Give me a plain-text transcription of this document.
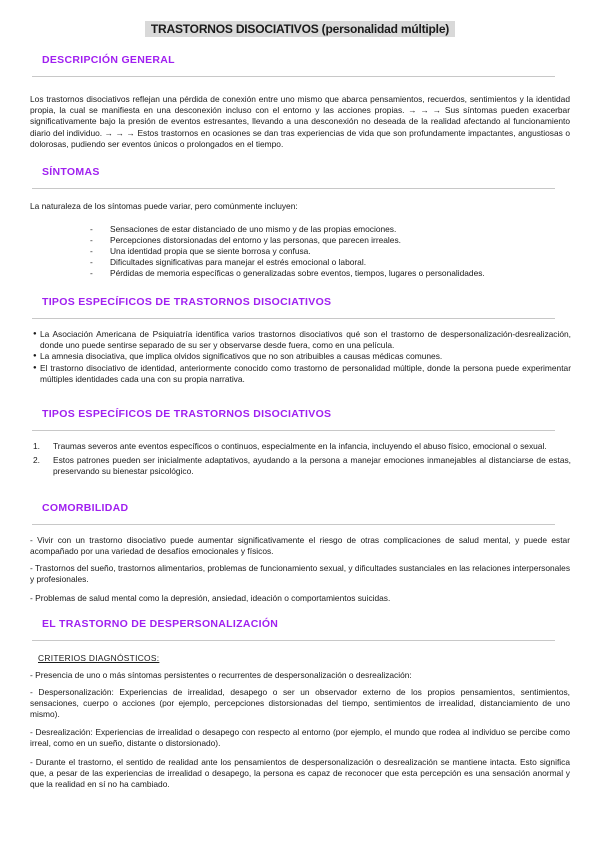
TRASTORNOS DISOCIATIVOS (personalidad múltiple)
DESCRIPCIÓN GENERAL
Los trastornos disociativos reflejan una pérdida de conexión entre uno mismo que abarca pensamientos, recuerdos, sentimientos y la identidad propia, la cual se manifiesta en una desconexión incluso con el entorno y las acciones propias. → → → Sus síntomas pueden exacerbar significativamente bajo la presión de eventos estresantes, llevando a una desconexión no deseada de la realidad afectando al funcionamiento diario del individuo. → → → Estos trastornos en ocasiones se dan tras experiencias de vida que son profundamente impactantes, angustiosas o dolorosas, pudiendo ser eventos únicos o prolongados en el tiempo.
SÍNTOMAS
La naturaleza de los síntomas puede variar, pero comúnmente incluyen:
- Sensaciones de estar distanciado de uno mismo y de las propias emociones.
- Percepciones distorsionadas del entorno y las personas, que parecen irreales.
- Una identidad propia que se siente borrosa y confusa.
- Dificultades significativas para manejar el estrés emocional o laboral.
- Pérdidas de memoria específicas o generalizadas sobre eventos, tiempos, lugares o personalidades.
TIPOS ESPECÍFICOS DE TRASTORNOS DISOCIATIVOS
● La Asociación Americana de Psiquiatría identifica varios trastornos disociativos qué son el trastorno de despersonalización-desrealización, donde uno puede sentirse separado de su ser y observarse desde fuera, como en una película.
● La amnesia disociativa, que implica olvidos significativos que no son atribuibles a causas médicas comunes.
● El trastorno disociativo de identidad, anteriormente conocido como trastorno de personalidad múltiple, donde la persona puede experimentar múltiples identidades cada una con su propia narrativa.
TIPOS ESPECÍFICOS DE TRASTORNOS DISOCIATIVOS
1. Traumas severos ante eventos específicos o continuos, especialmente en la infancia, incluyendo el abuso físico, emocional o sexual.
2. Estos patrones pueden ser inicialmente adaptativos, ayudando a la persona a manejar emociones inmanejables al distanciarse de estas, preservando su bienestar psicológico.
COMORBILIDAD
- Vivir con un trastorno disociativo puede aumentar significativamente el riesgo de otras complicaciones de salud mental, y puede estar acompañado por una variedad de desafíos emocionales y físicos.
- Trastornos del sueño, trastornos alimentarios, problemas de funcionamiento sexual, y dificultades sustanciales en las relaciones interpersonales y profesionales.
- Problemas de salud mental como la depresión, ansiedad, ideación o comportamientos suicidas.
EL TRASTORNO DE DESPERSONALIZACIÓN
CRITERIOS DIAGNÓSTICOS:
- Presencia de uno o más síntomas persistentes o recurrentes de despersonalización o desrealización:
- Despersonalización: Experiencias de irrealidad, desapego o ser un observador externo de los propios pensamientos, sentimientos, sensaciones, cuerpo o acciones (por ejemplo, percepciones distorsionadas del tiempo, sentimientos de irrealidad, distanciamiento de uno mismo).
- Desrealización: Experiencias de irrealidad o desapego con respecto al entorno (por ejemplo, el mundo que rodea al individuo se percibe como irreal, como en un sueño, distante o distorsionado).
- Durante el trastorno, el sentido de realidad ante los pensamientos de despersonalización o desrealización se mantiene intacta. Esto significa que, a pesar de las experiencias de irrealidad o desapego, la persona es capaz de reconocer que esta percepción es una sensación anormal y que la realidad en sí no ha cambiado.
